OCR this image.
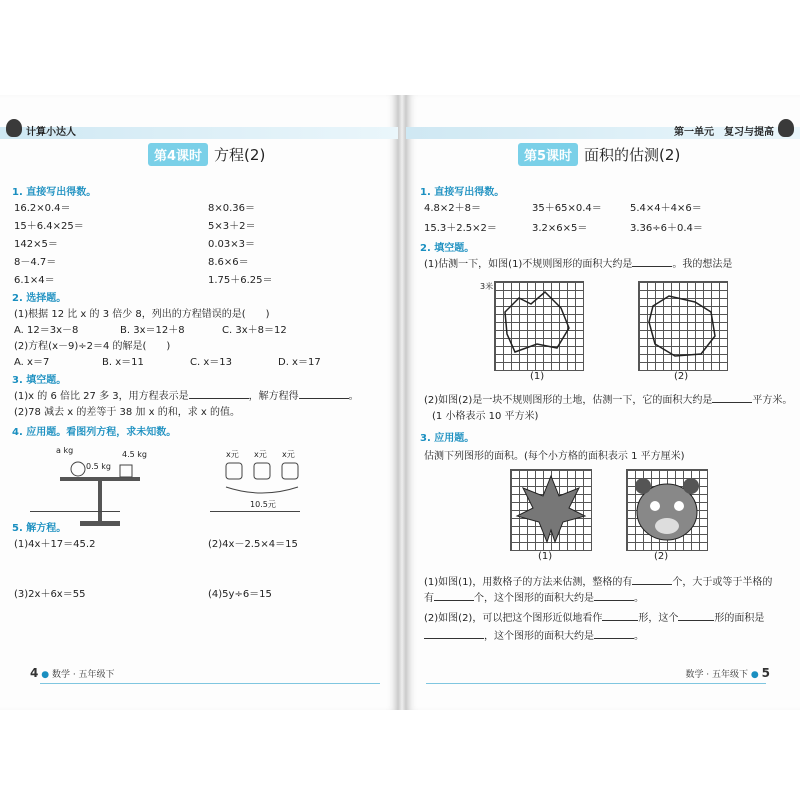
计算小达人
第4课时 方程(2)
1. 直接写出得数。
16.2×0.4＝	8×0.36＝
15＋6.4×25＝	5×3＋2＝
142×5＝	0.03×3＝
8－4.7＝	8.6×6＝
6.1×4＝	1.75＋6.25＝
2. 选择题。
(1)根据 12 比 x 的 3 倍少 8，列出的方程错误的是(　　)
A. 12＝3x－8	B. 3x＝12＋8	C. 3x＋8＝12
(2)方程(x－9)÷2＝4 的解是(　　)
A. x＝7	B. x＝11	C. x＝13	D. x＝17
3. 填空题。
(1)x 的 6 倍比 27 多 3，用方程表示是	，解方程得	。
(2)78 减去 x 的差等于 38 加 x 的和，求 x 的值。
4. 应用题。看图列方程，求未知数。
a kg
0.5 kg
4.5 kg	x元 x元 x元
10.5元
5. 解方程。
(1)4x＋17＝45.2	(2)4x－2.5×4＝15
(3)2x＋6x＝55	(4)5y÷6＝15
4 ● 数学 · 五年级下
第一单元　复习与提高
第5课时 面积的估测(2)
1. 直接写出得数。
4.8×2＋8＝	35＋65×0.4＝	5.4×4＋4×6＝
15.3＋2.5×2＝	3.2×6×5＝	3.36÷6＋0.4＝
2. 填空题。
(1)估测一下，如图(1)不规则图形的面积大约是	。我的想法是
3米
(1)	(2)
(2)如图(2)是一块不规则图形的土地，估测一下，它的面积大约是	平方米。
(1 小格表示 10 平方米)
3. 应用题。
估测下列图形的面积。(每个小方格的面积表示 1 平方厘米)
(1)	(2)
(1)如图(1)，用数格子的方法来估测，整格的有	个，大于或等于半格的
有	个，这个图形的面积大约是	。
(2)如图(2)，可以把这个图形近似地看作	形，这个	形的面积是
，这个图形的面积大约是	。
数学 · 五年级下 ● 5
